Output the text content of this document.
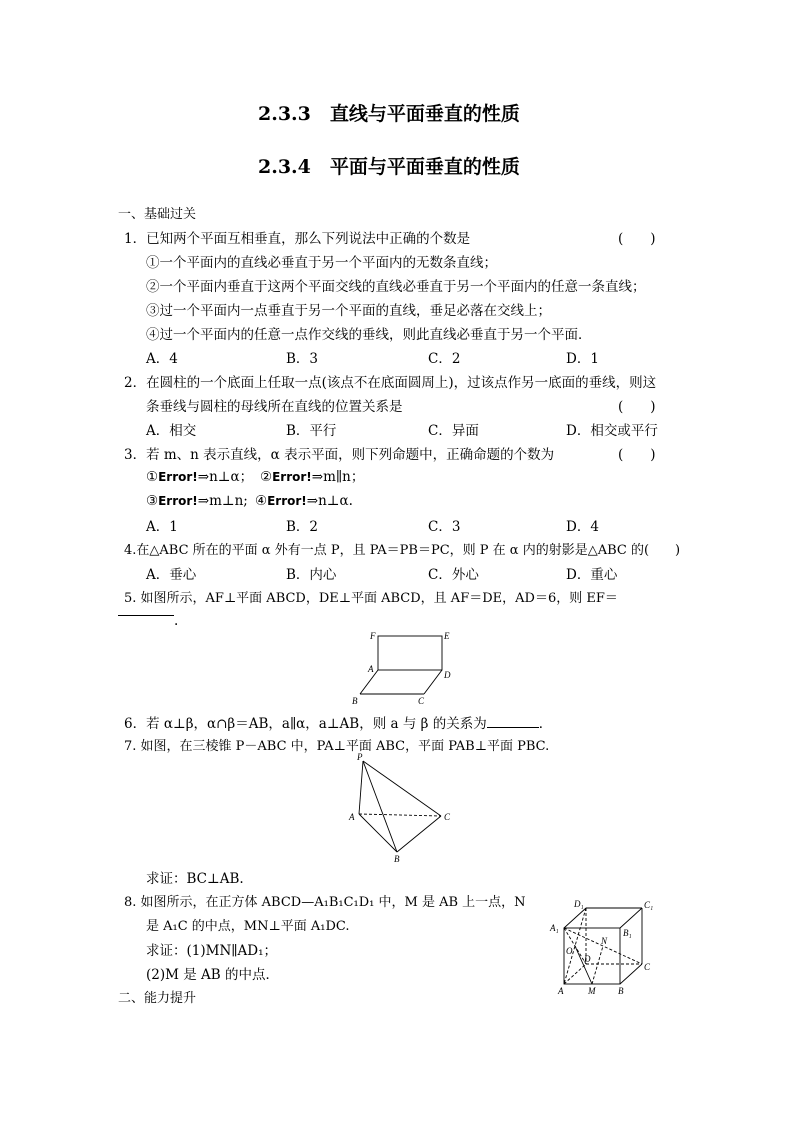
2.3.3　直线与平面垂直的性质
2.3.4　平面与平面垂直的性质
一、基础过关
1．已知两个平面互相垂直，那么下列说法中正确的个数是	(　　)
①一个平面内的直线必垂直于另一个平面内的无数条直线；
②一个平面内垂直于这两个平面交线的直线必垂直于另一个平面内的任意一条直线；
③过一个平面内一点垂直于另一个平面的直线，垂足必落在交线上；
④过一个平面内的任意一点作交线的垂线，则此直线必垂直于另一个平面．
A．4	B．3	C．2	D．1
2．在圆柱的一个底面上任取一点(该点不在底面圆周上)，过该点作另一底面的垂线，则这
条垂线与圆柱的母线所在直线的位置关系是	(　　)
A．相交	B．平行	C．异面	D．相交或平行
3．若 m、n 表示直线，α 表示平面，则下列命题中，正确命题的个数为	(　　)
①Error!⇒n⊥α； ②Error!⇒m∥n；
③Error!⇒m⊥n; ④Error!⇒n⊥α.
A．1	B．2	C．3	D．4
4.在△ABC 所在的平面 α 外有一点 P，且 PA＝PB＝PC，则 P 在 α 内的射影是△ABC 的(　　)
A．垂心	B．内心	C．外心	D．重心
5. 如图所示，AF⊥平面 ABCD，DE⊥平面 ABCD，且 AF＝DE，AD＝6，则 EF＝
.
F	E
A
D
B	C
6．若 α⊥β，α∩β＝AB，a∥α，a⊥AB，则 a 与 β 的关系为	．
7. 如图，在三棱锥 P－ABC 中，PA⊥平面 ABC，平面 PAB⊥平面 PBC.
P
A	C
B
求证：BC⊥AB.
8. 如图所示，在正方体 ABCD—A₁B₁C₁D₁ 中，M 是 AB 上一点，N
是 A₁C 的中点，MN⊥平面 A₁DC.
求证：(1)MN∥AD₁；
(2)M 是 AB 的中点．
D₁	C₁
A₁	B₁
N
O
D
C
A	M	B
二、能力提升
